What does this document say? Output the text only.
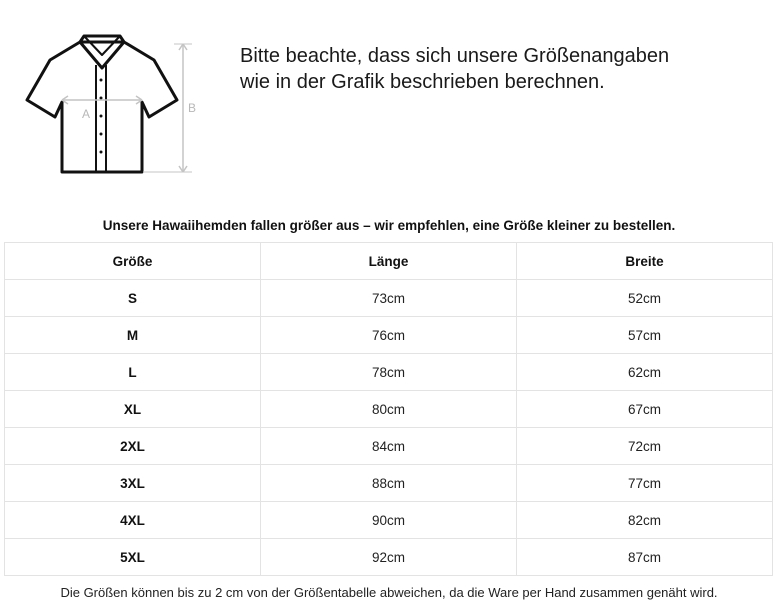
A	B
Bitte beachte, dass sich unsere Größenangaben
wie in der Grafik beschrieben berechnen.
Unsere Hawaiihemden fallen größer aus – wir empfehlen, eine Größe kleiner zu bestellen.
Größe	Länge	Breite
S	73cm	52cm
M	76cm	57cm
L	78cm	62cm
XL	80cm	67cm
2XL	84cm	72cm
3XL	88cm	77cm
4XL	90cm	82cm
5XL	92cm	87cm
Die Größen können bis zu 2 cm von der Größentabelle abweichen, da die Ware per Hand zusammen genäht wird.
